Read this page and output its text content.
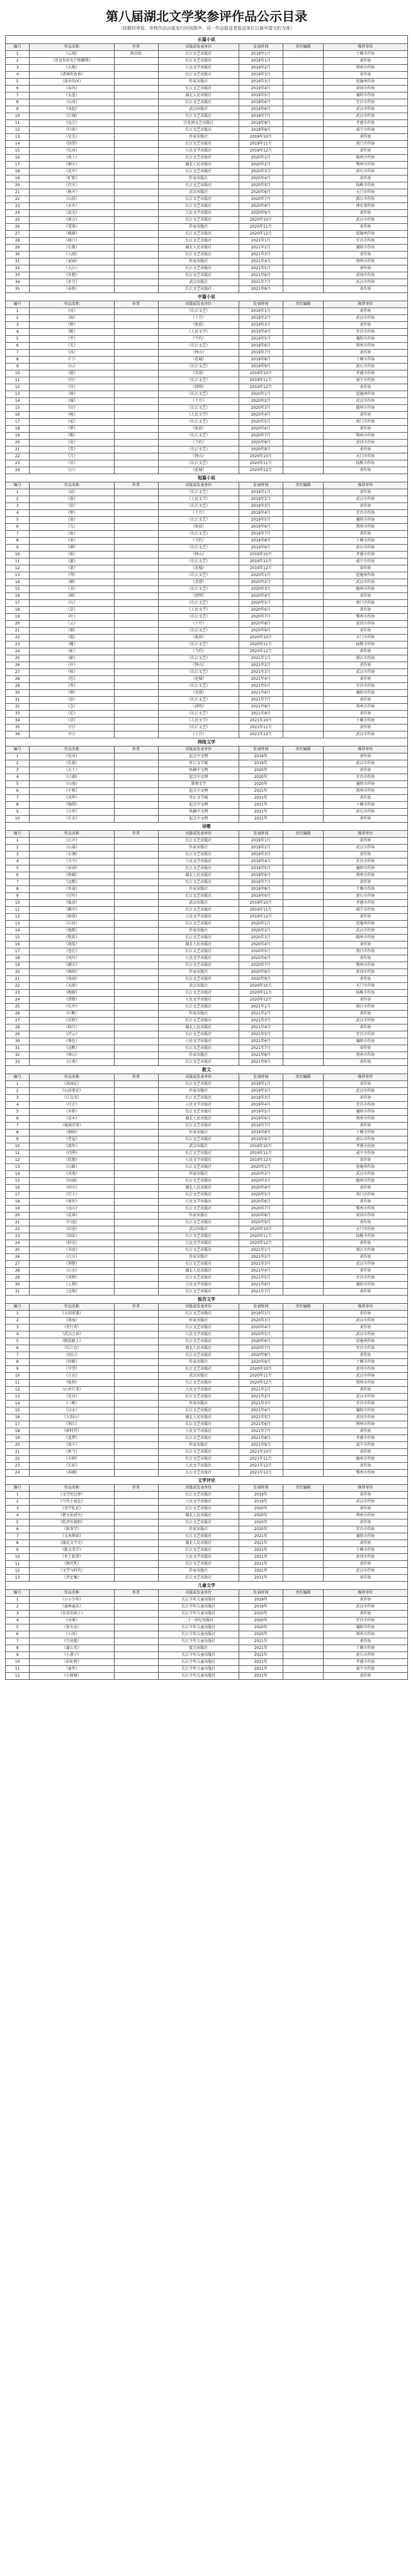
第八届湖北文学奖参评作品公示目录
（按题材申报、审核作品出版发行时间排序，同一作品报送者报送单位以最早提交的为准）
长篇小说						
编号	作品名称	作者	出版或发表单位	发表时间	责任编辑	推荐单位
1	《云端》	陈应松	长江文艺出版社	2019年1月		十堰市作协
2	《看见你的光芒照耀我》		长江文艺出版社	2019年1月		省作协
3	《大地》		人民文学出版社	2019年2月		荆州市作协
4	《诸神的黄昏》		长江文艺出版社	2019年3月		省作协
5	《故乡的河》		作家出版社	2019年3月		恩施州作协
6	《春风》		长江文艺出版社	2019年4月		黄冈市作协
7	《天蓝》		湖北人民出版社	2019年5月		襄阳市作协
8	《山河》		长江文艺出版社	2019年6月		宜昌市作协
9	《风起》		武汉出版社	2019年6月		武汉市作协
10	《江城》		长江文艺出版社	2019年7月		武汉市作协
11	《远方》		百花洲文艺出版社	2019年8月		孝感市作协
12	《归来》		长江文艺出版社	2019年9月		咸宁市作协
13	《星光》		作家出版社	2019年10月		省作协
14	《回望》		长江文艺出版社	2019年11月		荆门市作协
15	《长河》		人民文学出版社	2019年12月		省作协
16	《故土》		长江文艺出版社	2020年1月		随州市作协
17	《烟火》		湖北人民出版社	2020年2月		鄂州市作协
18	《花开》		长江文艺出版社	2020年3月		黄石市作协
19	《旷野》		作家出版社	2020年4月		省作协
20	《灯火》		长江文艺出版社	2020年5月		仙桃市作协
21	《秋声》		武汉出版社	2020年6月		天门市作协
22	《山居》		长江文艺出版社	2020年7月		潜江市作协
23	《水乡》		长江文艺出版社	2020年8月		神农架作协
24	《晨光》		人民文学出版社	2020年9月		省作协
25	《南方》		长江文艺出版社	2020年10月		武汉市作协
26	《雪落》		作家出版社	2020年11月		省作协
27	《桃源》		长江文艺出版社	2020年12月		恩施州作协
28	《渡口》		长江文艺出版社	2021年1月		宜昌市作协
29	《长歌》		湖北人民出版社	2021年2月		襄阳市作协
30	《人间》		长江文艺出版社	2021年3月		省作协
31	《家园》		作家出版社	2021年4月		荆州市作协
32	《大江》		长江文艺出版社	2021年5月		省作协
33	《乡愁》		长江文艺出版社	2021年6月		黄冈市作协
34	《岁月》		武汉出版社	2021年7月		武汉市作协
35	《春秋》		长江文艺出版社	2021年8月		省作协
中篇小说						
编号	作品名称	作者	出版或发表单位	发表时间	责任编辑	推荐单位
1	《河》		《长江文艺》	2019年1月		省作协
2	《雨》		《十月》	2019年2月		武汉市作协
3	《桥》		《收获》	2019年3月		省作协
4	《路》		《人民文学》	2019年4月		宜昌市作协
5	《井》		《当代》	2019年5月		襄阳市作协
6	《光》		《长江文艺》	2019年6月		荆州市作协
7	《风》		《钟山》	2019年7月		省作协
8	《门》		《花城》	2019年8月		十堰市作协
9	《山》		《长江文艺》	2019年9月		黄石市作协
10	《船》		《芙蓉》	2019年10月		孝感市作协
11	《灯》		《长江文艺》	2019年11月		咸宁市作协
12	《岸》		《清明》	2019年12月		省作协
13	《林》		《长江文艺》	2020年1月		恩施州作协
14	《城》		《十月》	2020年2月		武汉市作协
15	《田》		《长江文艺》	2020年3月		随州市作协
16	《树》		《人民文学》	2020年4月		省作协
17	《家》		《长江文艺》	2020年5月		荆门市作协
18	《梦》		《收获》	2020年6月		省作协
19	《歌》		《长江文艺》	2020年7月		鄂州市作协
20	《花》		《当代》	2020年8月		黄冈市作协
21	《雪》		《长江文艺》	2020年9月		省作协
22	《月》		《钟山》	2020年10月		天门市作协
23	《星》		《长江文艺》	2020年11月		仙桃市作协
24	《江》		《花城》	2020年12月		省作协
短篇小说						
编号	作品名称	作者	出版或发表单位	发表时间	责任编辑	推荐单位
1	《晨》		《长江文艺》	2019年1月		省作协
2	《暮》		《人民文学》	2019年2月		武汉市作协
3	《信》		《长江文艺》	2019年3月		省作协
4	《钟》		《十月》	2019年4月		宜昌市作协
5	《窗》		《长江文艺》	2019年5月		襄阳市作协
6	《鸟》		《收获》	2019年6月		荆州市作协
7	《鱼》		《长江文艺》	2019年7月		省作协
8	《茶》		《当代》	2019年8月		十堰市作协
9	《酒》		《长江文艺》	2019年9月		黄石市作协
10	《纸》		《钟山》	2019年10月		孝感市作协
11	《墨》		《长江文艺》	2019年11月		咸宁市作协
12	《笔》		《花城》	2019年12月		省作协
13	《琴》		《长江文艺》	2020年1月		恩施州作协
14	《棋》		《芙蓉》	2020年2月		武汉市作协
15	《书》		《长江文艺》	2020年3月		随州市作协
16	《画》		《清明》	2020年4月		省作协
17	《石》		《长江文艺》	2020年5月		荆门市作协
18	《草》		《人民文学》	2020年6月		省作协
19	《叶》		《长江文艺》	2020年7月		鄂州市作协
20	《云》		《十月》	2020年8月		黄冈市作协
21	《烟》		《长江文艺》	2020年9月		省作协
22	《霜》		《收获》	2020年10月		天门市作协
23	《露》		《长江文艺》	2020年11月		仙桃市作协
24	《虹》		《当代》	2020年12月		省作协
25	《影》		《长江文艺》	2021年1月		潜江市作协
26	《声》		《钟山》	2021年2月		省作协
27	《味》		《长江文艺》	2021年3月		武汉市作协
28	《色》		《花城》	2021年4月		省作协
29	《香》		《长江文艺》	2021年5月		宜昌市作协
30	《情》		《芙蓉》	2021年6月		襄阳市作协
31	《思》		《长江文艺》	2021年7月		省作协
32	《念》		《清明》	2021年8月		荆州市作协
33	《忆》		《长江文艺》	2021年9月		省作协
34	《望》		《人民文学》	2021年10月		十堰市作协
35	《行》		《长江文艺》	2021年11月		省作协
36	《归》		《十月》	2021年12月		武汉市作协
网络文学						
编号	作品名称	作者	出版或发表单位	发表时间	责任编辑	推荐单位
1	《星河》		起点中文网	2019年		省作协
2	《长夜》		晋江文学城	2019年		武汉市作协
3	《天下》		纵横中文网	2020年		省作协
4	《江湖》		起点中文网	2020年		宜昌市作协
5	《山海》		掌阅文学	2020年		襄阳市作协
6	《千秋》		起点中文网	2021年		荆州市作协
7	《风华》		晋江文学城	2021年		省作协
8	《锦绣》		起点中文网	2021年		十堰市作协
9	《万里》		纵横中文网	2021年		黄石市作协
10	《长安》		起点中文网	2021年		省作协
诗歌						
编号	作品名称	作者	出版或发表单位	发表时间	责任编辑	推荐单位
1	《江声》		长江文艺出版社	2019年1月		省作协
2	《山谣》		作家出版社	2019年2月		武汉市作协
3	《水调》		长江文艺出版社	2019年3月		省作协
4	《月令》		人民文学出版社	2019年4月		宜昌市作协
5	《春词》		长江文艺出版社	2019年5月		襄阳市作协
6	《秋赋》		湖北人民出版社	2019年6月		荆州市作协
7	《远歌》		长江文艺出版社	2019年7月		省作协
8	《乡谣》		作家出版社	2019年8月		十堰市作协
9	《行吟》		长江文艺出版社	2019年9月		黄石市作协
10	《低语》		武汉出版社	2019年10月		孝感市作协
11	《雁字》		长江文艺出版社	2019年11月		咸宁市作协
12	《雨巷》		人民文学出版社	2019年12月		省作协
13	《石径》		长江文艺出版社	2020年1月		恩施州作协
14	《渔歌》		作家出版社	2020年2月		武汉市作协
15	《牧笛》		长江文艺出版社	2020年3月		随州市作协
16	《夜航》		湖北人民出版社	2020年4月		省作协
17	《苍茫》		长江文艺出版社	2020年5月		荆门市作协
18	《风吟》		人民文学出版社	2020年6月		省作协
19	《潮音》		长江文艺出版社	2020年7月		鄂州市作协
20	《林间》		作家出版社	2020年8月		黄冈市作协
21	《故园》		长江文艺出版社	2020年9月		省作协
22	《天涯》		武汉出版社	2020年10月		天门市作协
23	《晚晴》		长江文艺出版社	2020年11月		仙桃市作协
24	《清歌》		人民文学出版社	2020年12月		省作协
25	《长亭》		长江文艺出版社	2021年1月		潜江市作协
26	《归帆》		作家出版社	2021年2月		省作协
27	《星野》		长江文艺出版社	2021年3月		武汉市作协
28	《晓月》		湖北人民出版社	2021年4月		省作协
29	《浮云》		长江文艺出版社	2021年5月		宜昌市作协
30	《霁色》		人民文学出版社	2021年6月		襄阳市作协
31	《远帆》		长江文艺出版社	2021年7月		省作协
32	《寒山》		作家出版社	2021年8月		荆州市作协
33	《江南》		长江文艺出版社	2021年9月		省作协
散文						
编号	作品名称	作者	出版或发表单位	发表时间	责任编辑	推荐单位
1	《故园记》		长江文艺出版社	2019年1月		省作协
2	《山居笔记》		作家出版社	2019年2月		武汉市作协
3	《江边书》		长江文艺出版社	2019年3月		省作协
4	《行走》		人民文学出版社	2019年4月		宜昌市作协
5	《乡野》		长江文艺出版社	2019年5月		襄阳市作协
6	《草木》		湖北人民出版社	2019年6月		荆州市作协
7	《城南旧事》		长江文艺出版社	2019年7月		省作协
8	《烟雨》		作家出版社	2019年8月		十堰市作协
9	《老屋》		长江文艺出版社	2019年9月		黄石市作协
10	《流年》		武汉出版社	2019年10月		孝感市作协
11	《四季》		长江文艺出版社	2019年11月		咸宁市作协
12	《炊烟》		人民文学出版社	2019年12月		省作协
13	《山路》		长江文艺出版社	2020年1月		恩施州作协
14	《河流》		作家出版社	2020年2月		武汉市作协
15	《田园》		长江文艺出版社	2020年3月		随州市作协
16	《村庄》		湖北人民出版社	2020年4月		省作协
17	《灯下》		长江文艺出版社	2020年5月		荆门市作协
18	《窗外》		人民文学出版社	2020年6月		省作协
19	《远山》		长江文艺出版社	2020年7月		鄂州市作协
20	《晨昏》		作家出版社	2020年8月		黄冈市作协
21	《归途》		长江文艺出版社	2020年9月		省作协
22	《旧巷》		武汉出版社	2020年10月		天门市作协
23	《闲话》		长江文艺出版社	2020年11月		仙桃市作协
24	《时光》		人民文学出版社	2020年12月		省作协
25	《书房》		长江文艺出版社	2021年1月		潜江市作协
26	《江汉》		作家出版社	2021年2月		省作协
27	《荆楚》		长江文艺出版社	2021年3月		武汉市作协
28	《山水》		湖北人民出版社	2021年4月		省作协
29	《风物》		长江文艺出版社	2021年5月		宜昌市作协
30	《人物》		人民文学出版社	2021年6月		襄阳市作协
31	《边地》		长江文艺出版社	2021年7月		省作协
报告文学						
编号	作品名称	作者	出版或发表单位	发表时间	责任编辑	推荐单位
1	《大国重器》		长江文艺出版社	2019年1月		省作协
2	《战疫》		作家出版社	2020年3月		武汉市作协
3	《逆行者》		长江文艺出版社	2020年4月		省作协
4	《武汉之春》		人民文学出版社	2020年5月		武汉市作协
5	《脱贫路上》		长江文艺出版社	2020年6月		恩施州作协
6	《长江边》		湖北人民出版社	2020年7月		宜昌市作协
7	《初心》		长江文艺出版社	2020年8月		省作协
8	《村路》		作家出版社	2020年9月		十堰市作协
9	《守望》		长江文艺出版社	2020年10月		黄冈市作协
10	《白衣》		武汉出版社	2020年11月		武汉市作协
11	《堤坝》		长江文艺出版社	2020年12月		荆州市作协
12	《山乡巨变》		人民文学出版社	2021年1月		省作协
13	《光谷》		长江文艺出版社	2021年2月		武汉市作协
14	《三峡》		作家出版社	2021年3月		宜昌市作协
15	《汉水》		长江文艺出版社	2021年4月		襄阳市作协
16	《大别山》		湖北人民出版社	2021年5月		黄冈市作协
17	《荆江》		长江文艺出版社	2021年6月		荆州市作协
18	《新时代》		人民文学出版社	2021年7月		省作协
19	《追梦》		长江文艺出版社	2021年8月		孝感市作协
20	《奋斗》		作家出版社	2021年9月		咸宁市作协
21	《担当》		长江文艺出版社	2021年10月		省作协
22	《丰碑》		长江文艺出版社	2021年11月		随州市作协
23	《长征》		人民文学出版社	2021年12月		省作协
24	《春潮》		长江文艺出版社	2021年12月		鄂州市作协
文学评论						
编号	作品名称	作者	出版或发表单位	发表时间	责任编辑	推荐单位
1	《文学的边界》		长江文艺出版社	2019年		省作协
2	《当代小说论》		人民文学出版社	2019年		武汉市作协
3	《诗学札记》		长江文艺出版社	2020年		省作协
4	《楚文化研究》		湖北人民出版社	2020年		荆州市作协
5	《批评的视野》		长江文艺出版社	2020年		省作协
6	《叙事学》		作家出版社	2020年		宜昌市作协
7	《文本细读》		长江文艺出版社	2021年		襄阳市作协
8	《湖北文学史》		湖北人民出版社	2021年		省作协
9	《散文美学》		长江文艺出版社	2021年		十堰市作协
10	《乡土叙事》		人民文学出版社	2021年		黄冈市作协
11	《现代性》		长江文艺出版社	2021年		省作协
12	《文学与时代》		作家出版社	2021年		武汉市作协
13	《评论集》		长江文艺出版社	2021年		省作协
儿童文学						
编号	作品名称	作者	出版或发表单位	发表时间	责任编辑	推荐单位
1	《小小少年》		长江少年儿童出版社	2019年		省作协
2	《森林童话》		长江少年儿童出版社	2019年		武汉市作协
3	《星星的孩子》		长江少年儿童出版社	2020年		省作协
4	《风筝》		二十一世纪出版社	2020年		宜昌市作协
5	《萤火虫》		长江少年儿童出版社	2020年		襄阳市作协
6	《小河》		长江少年儿童出版社	2020年		荆州市作协
7	《月亮船》		长江少年儿童出版社	2021年		省作协
8	《蒲公英》		接力出版社	2021年		十堰市作协
9	《小燕子》		长江少年儿童出版社	2021年		黄石市作协
10	《彩虹桥》		长江少年儿童出版社	2021年		孝感市作协
11	《童年》		长江少年儿童出版社	2021年		咸宁市作协
12	《小树林》		长江少年儿童出版社	2021年		省作协
